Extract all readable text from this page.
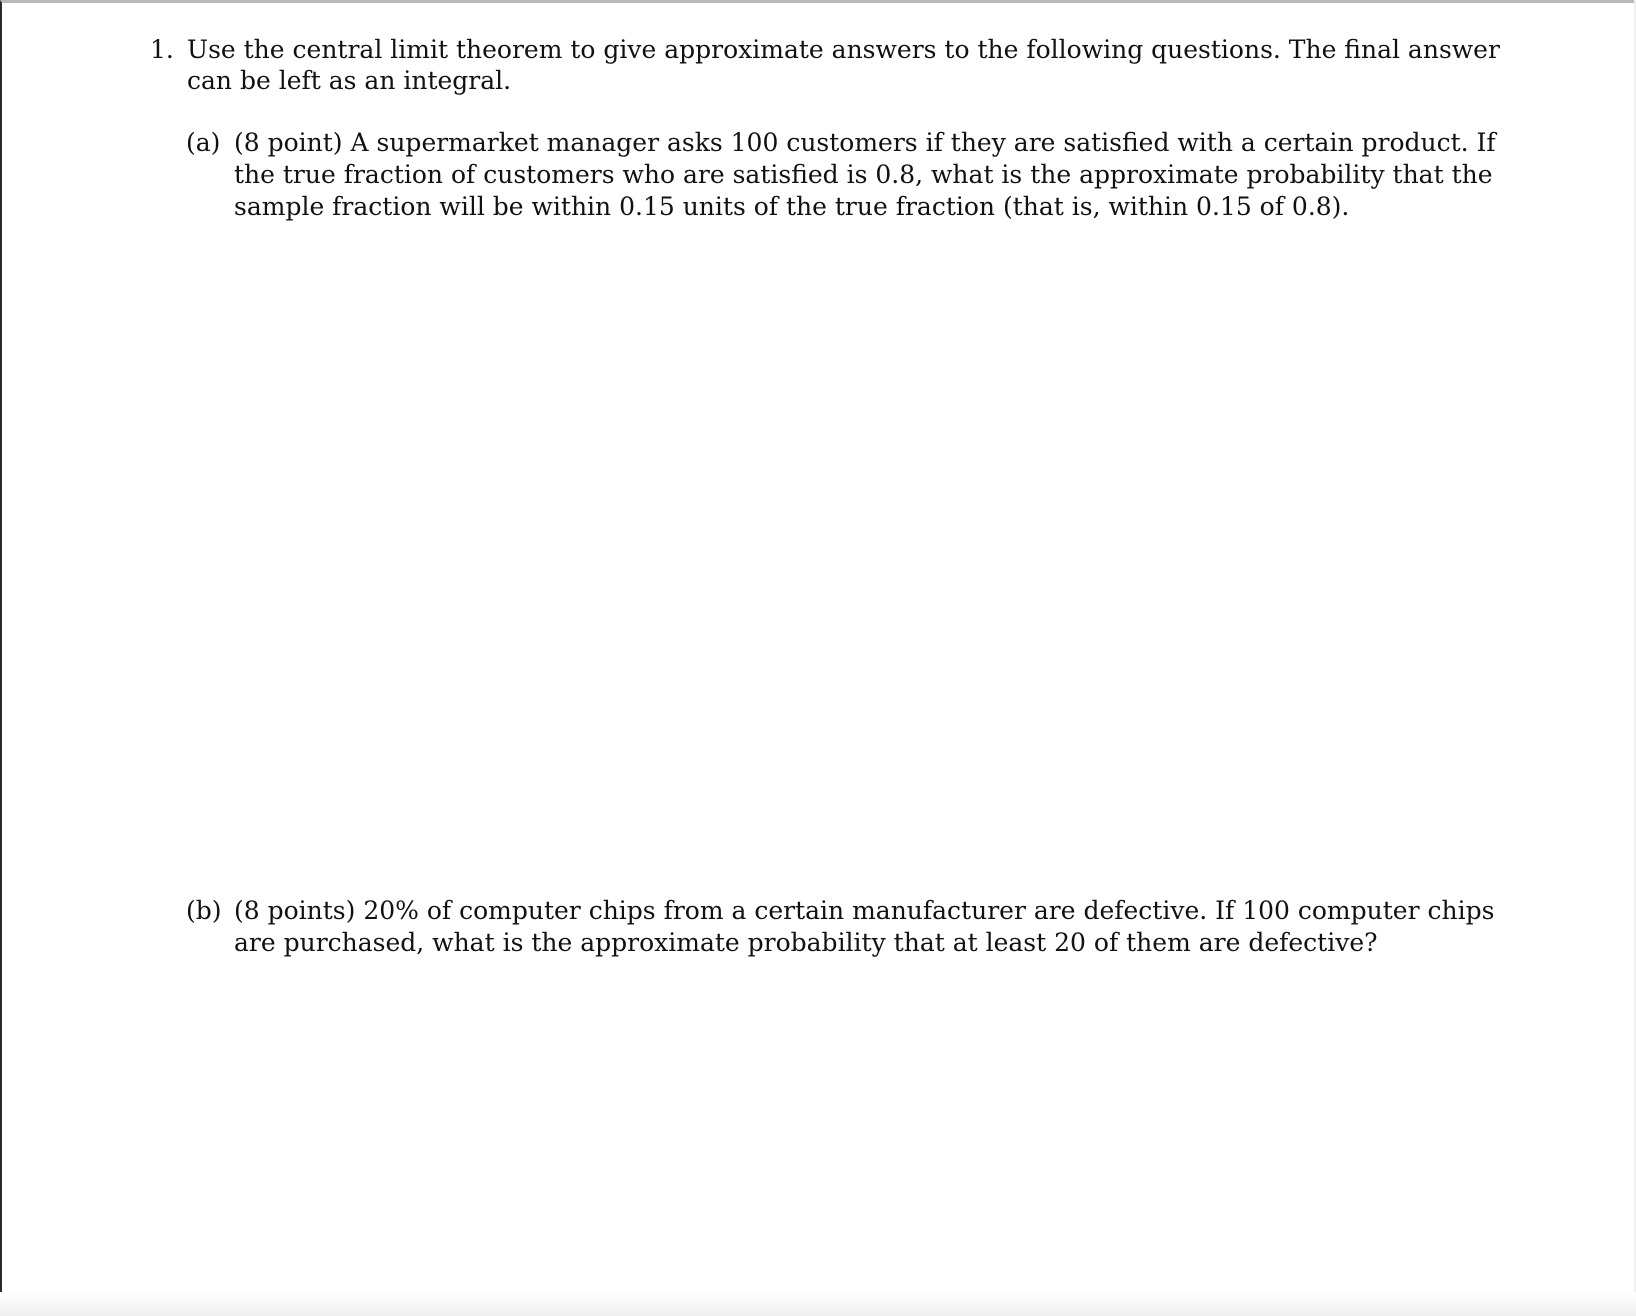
1. Use the central limit theorem to give approximate answers to the following questions. The final answer
can be left as an integral.
(a) (8 point) A supermarket manager asks 100 customers if they are satisfied with a certain product. If
the true fraction of customers who are satisfied is 0.8, what is the approximate probability that the
sample fraction will be within 0.15 units of the true fraction (that is, within 0.15 of 0.8).
(b) (8 points) 20% of computer chips from a certain manufacturer are defective. If 100 computer chips
are purchased, what is the approximate probability that at least 20 of them are defective?
